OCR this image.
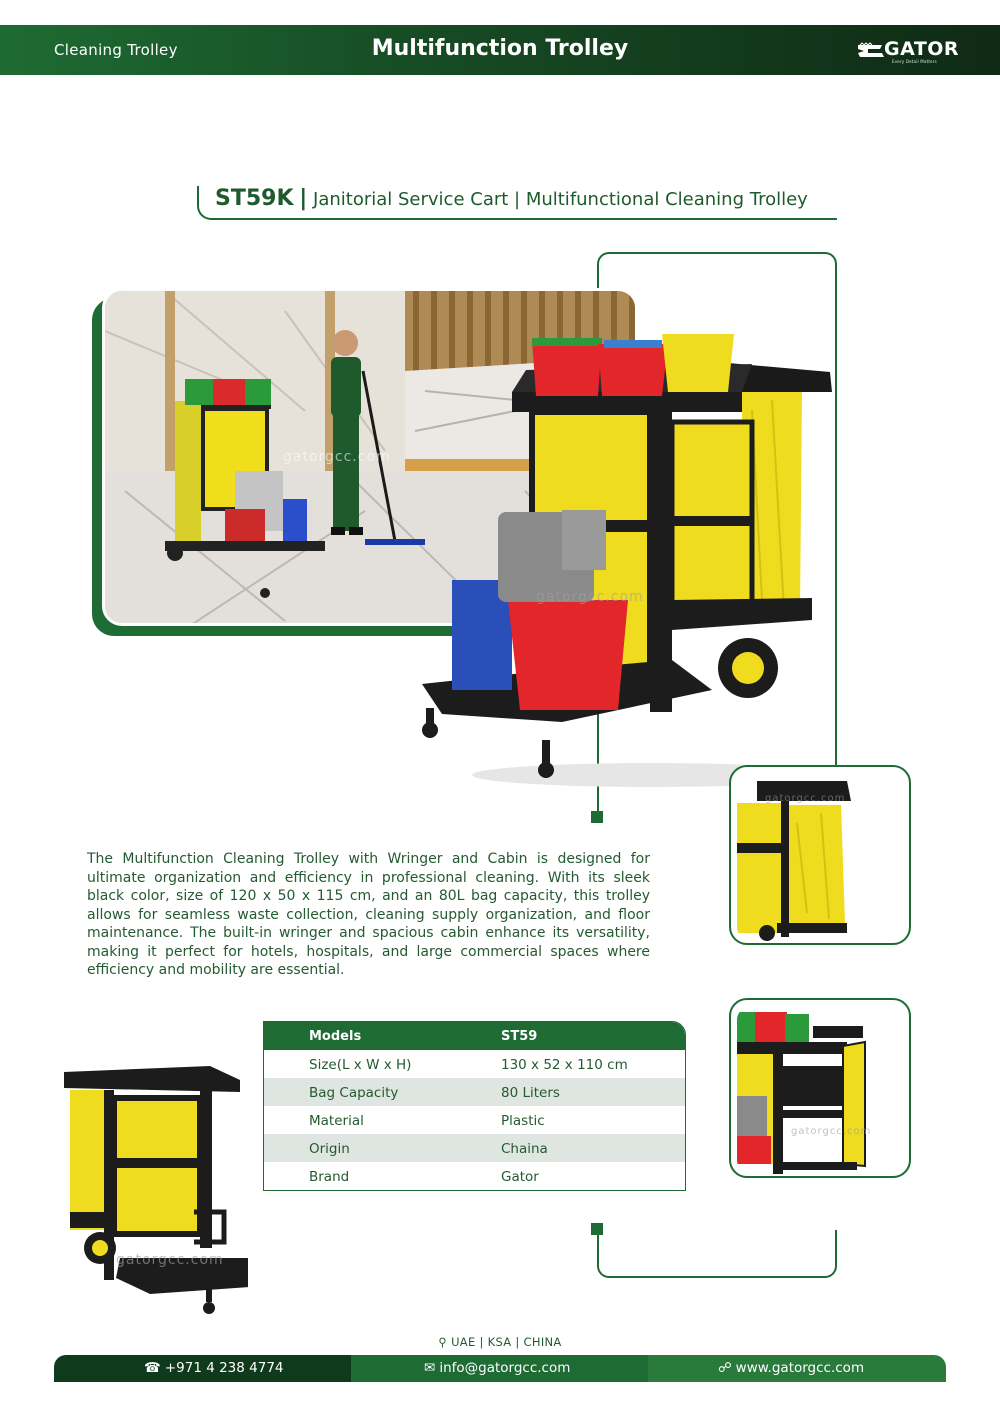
Cleaning Trolley	Multifunction Trolley	GATOR
Every Detail Matters
ST59K | Janitorial Service Cart | Multifunctional Cleaning Trolley
gatorgcc.com
gatorgcc.com
gatorgcc.com
gatorgcc.com

The Multifunction Cleaning Trolley with Wringer and Cabin is designed for ultimate organization and efficiency in professional cleaning. With its sleek black color, size of 120 x 50 x 115 cm, and an 80L bag capacity, this trolley allows for seamless waste collection, cleaning supply organization, and floor maintenance. The built-in wringer and spacious cabin enhance its versatility, making it perfect for hotels, hospitals, and large commercial spaces where efficiency and mobility are essential.

Models	ST59
Size(L x W x H)	130 x 52 x 110 cm
Bag Capacity	80 Liters
Material	Plastic
Origin	Chaina
Brand	Gator
gatorgcc.com
⚲ UAE | KSA | CHINA
☎ +971 4 238 4774	✉ info@gatorgcc.com	☍ www.gatorgcc.com
